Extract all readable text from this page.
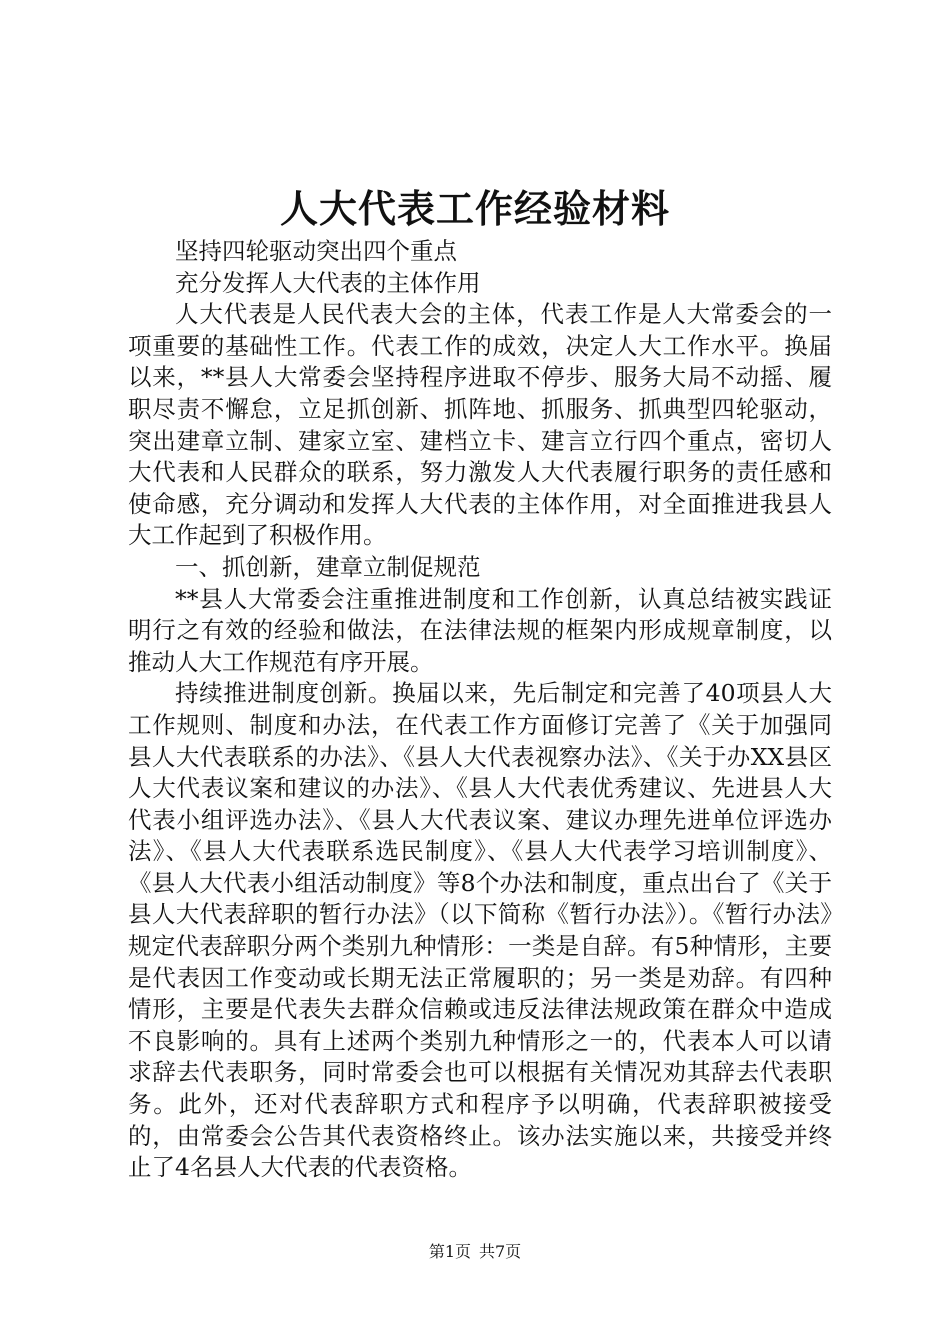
人大代表工作经验材料

坚持四轮驱动突出四个重点

充分发挥人大代表的主体作用

人大代表是人民代表大会的主体，代表工作是人大常委会的一项重要的基础性工作。代表工作的成效，决定人大工作水平。换届以来，**县人大常委会坚持程序进取不停步、服务大局不动摇、履职尽责不懈怠，立足抓创新、抓阵地、抓服务、抓典型四轮驱动，突出建章立制、建家立室、建档立卡、建言立行四个重点，密切人大代表和人民群众的联系，努力激发人大代表履行职务的责任感和使命感，充分调动和发挥人大代表的主体作用，对全面推进我县人大工作起到了积极作用。

一、抓创新，建章立制促规范

**县人大常委会注重推进制度和工作创新，认真总结被实践证明行之有效的经验和做法，在法律法规的框架内形成规章制度，以推动人大工作规范有序开展。

持续推进制度创新。换届以来，先后制定和完善了40项县人大工作规则、制度和办法，在代表工作方面修订完善了《关于加强同县人大代表联系的办法》、《县人大代表视察办法》、《关于办XX县区人大代表议案和建议的办法》、《县人大代表优秀建议、先进县人大代表小组评选办法》、《县人大代表议案、建议办理先进单位评选办法》、《县人大代表联系选民制度》、《县人大代表学习培训制度》、《县人大代表小组活动制度》等8个办法和制度，重点出台了《关于县人大代表辞职的暂行办法》（以下简称《暂行办法》）。《暂行办法》规定代表辞职分两个类别九种情形：一类是自辞。有5种情形，主要是代表因工作变动或长期无法正常履职的；另一类是劝辞。有四种情形，主要是代表失去群众信赖或违反法律法规政策在群众中造成不良影响的。具有上述两个类别九种情形之一的，代表本人可以请求辞去代表职务，同时常委会也可以根据有关情况劝其辞去代表职务。此外，还对代表辞职方式和程序予以明确，代表辞职被接受的，由常委会公告其代表资格终止。该办法实施以来，共接受并终止了4名县人大代表的代表资格。

第1页 共7页
